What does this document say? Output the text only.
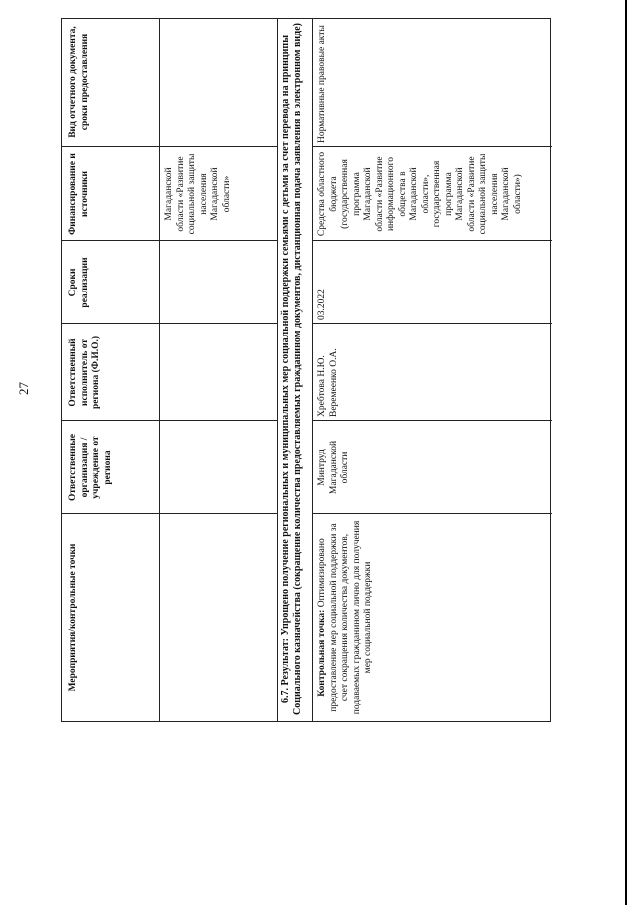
27
Мероприятия/контрольные точки
Ответственные организация / учреждение от региона
Ответственный исполнитель от региона (Ф.И.О.)
Сроки реализации
Финансирование и источники
Вид отчетного документа, сроки предоставления
Магаданской области «Развитие социальной защиты населения Магаданской области»	6.7. Результат: Упрощено получение региональных и муниципальных мер социальной поддержки семьями с детьми за счет перевода на принципы Социального казначейства (сокращение количества предоставляемых гражданином документов, дистанционная подача заявления в электронном виде)	Контрольная точка: Оптимизировано предоставление мер социальной поддержки за счет сокращения количества документов, подаваемых гражданином лично для получения мер социальной поддержки
Минтруд Магаданской области
Хребтова Н.Ю. Веремеенко О.А.
03.2022
Средства областного бюджета (государственная программа Магаданской области «Развитие информационного общества в Магаданской области», государственная программа Магаданской области «Развитие социальной защиты населения Магаданской области»)
Нормативные правовые акты
